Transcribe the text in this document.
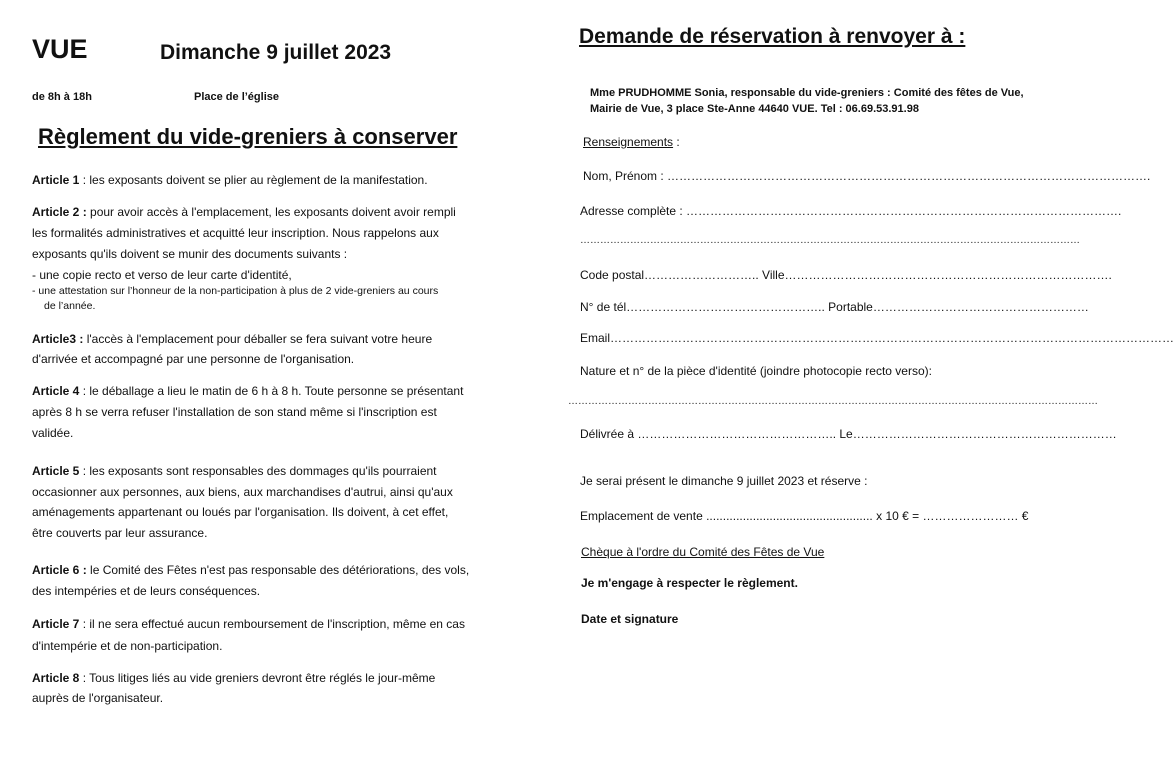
VUE	Dimanche 9 juillet 2023
de 8h à 18h	Place de l’église
Règlement du vide-greniers à conserver
Article 1 : les exposants doivent se plier au règlement de la manifestation.
Article 2 : pour avoir accès à l'emplacement, les exposants doivent avoir rempli
les formalités administratives et acquitté leur inscription. Nous rappelons aux
exposants qu'ils doivent se munir des documents suivants :
- une copie recto et verso de leur carte d'identité,
- une attestation sur l’honneur de la non-participation à plus de 2 vide-greniers au cours
de l’année.
Article3 : l'accès à l'emplacement pour déballer se fera suivant votre heure
d'arrivée et accompagné par une personne de l'organisation.
Article 4 : le déballage a lieu le matin de 6 h à 8 h. Toute personne se présentant
après 8 h se verra refuser l'installation de son stand même si l'inscription est
validée.
Article 5 : les exposants sont responsables des dommages qu'ils pourraient
occasionner aux personnes, aux biens, aux marchandises d'autrui, ainsi qu'aux
aménagements appartenant ou loués par l'organisation. Ils doivent, à cet effet,
être couverts par leur assurance.
Article 6 : le Comité des Fêtes n'est pas responsable des détériorations, des vols,
des intempéries et de leurs conséquences.
Article 7 : il ne sera effectué aucun remboursement de l'inscription, même en cas
d'intempérie et de non-participation.
Article 8 : Tous litiges liés au vide greniers devront être réglés le jour-même
auprès de l'organisateur.
Demande de réservation à renvoyer à :
Mme PRUDHOMME Sonia, responsable du vide-greniers : Comité des fêtes de Vue,
Mairie de Vue, 3 place Ste-Anne 44640 VUE. Tel : 06.69.53.91.98
Renseignements :
Nom, Prénom : ………………………………………………………………………………………………………….
Adresse complète : ……………………………………………………………………………………………….
……………………………………………………………………………………………………………………………………
Code postal……………………….. Ville……………………………………………………………………….
N° de tél………………………………………….. Portable………………………………………………
Email……………………………………………………………………………………………………………………………
Nature et n° de la pièce d'identité (joindre photocopie recto verso):
……………………………………………………………………………………………………………………………………………
Délivrée à ………………………………………….. Le…………………………………………………………
Je serai présent le dimanche 9 juillet 2023 et réserve :
Emplacement de vente .................................................. x 10 € = …………………… €
Chèque à l'ordre du Comité des Fêtes de Vue
Je m'engage à respecter le règlement.
Date et signature
